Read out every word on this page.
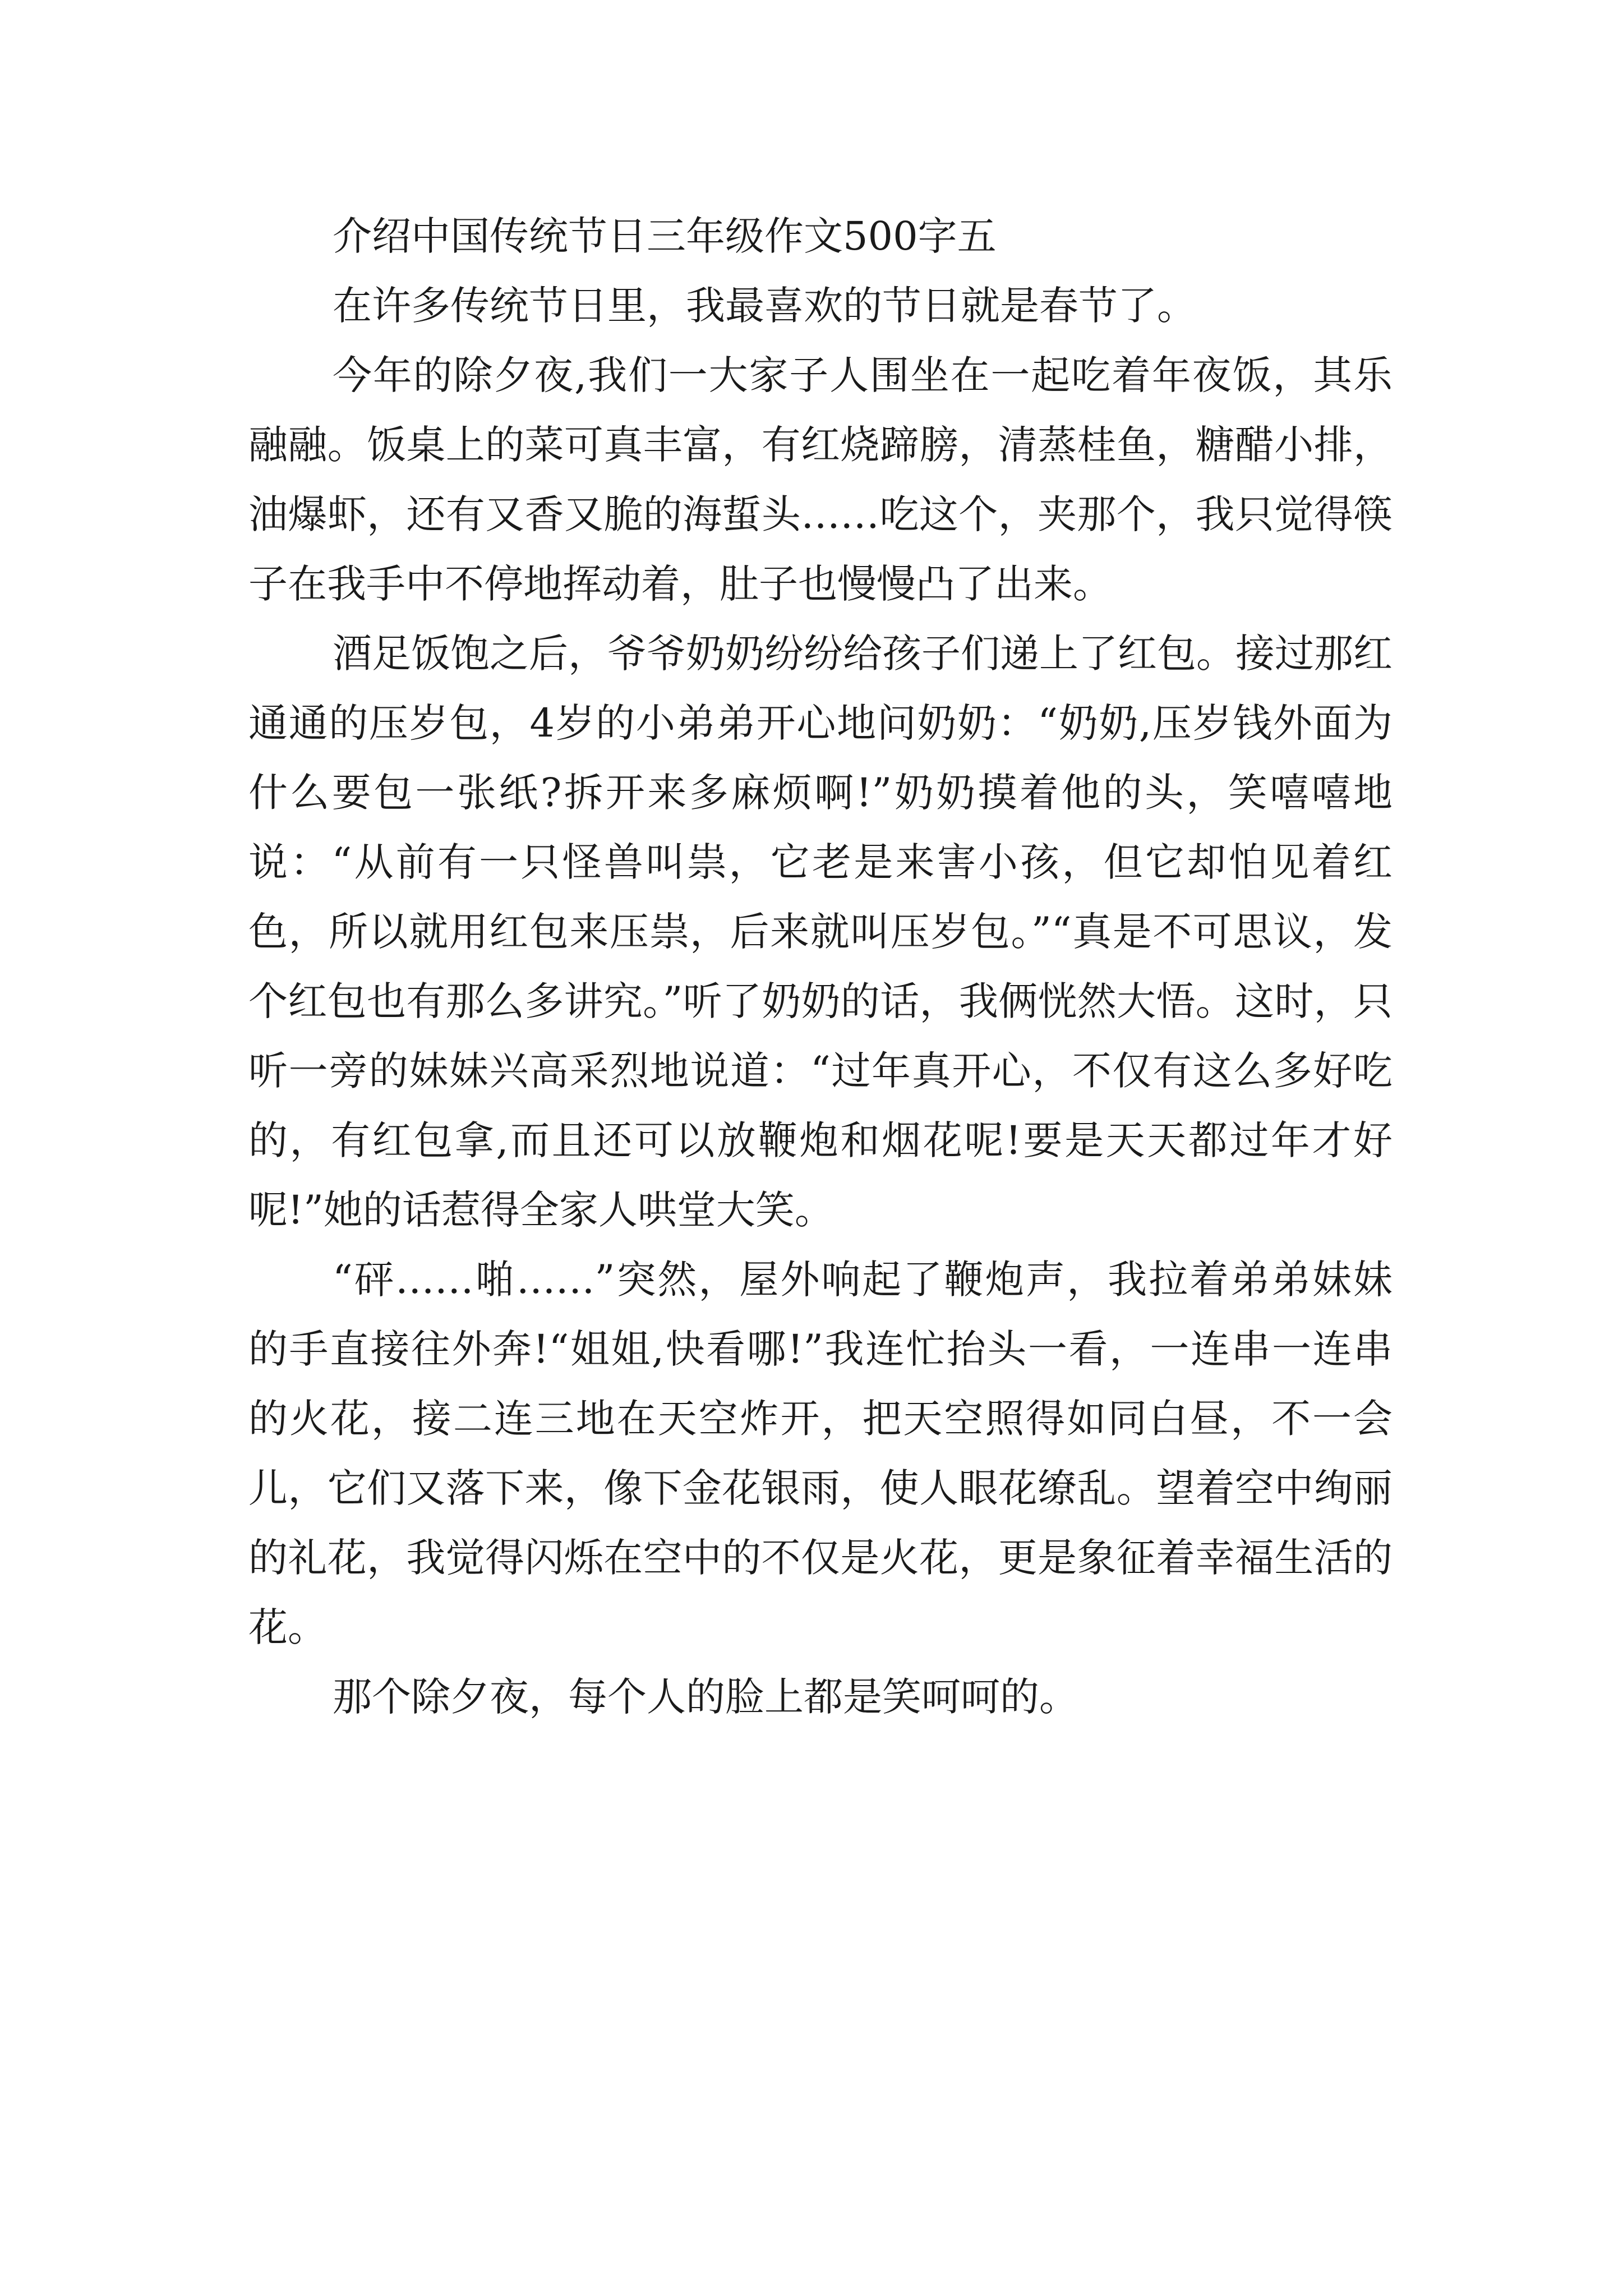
介绍中国传统节日三年级作文500字五

在许多传统节日里，我最喜欢的节日就是春节了。

今年的除夕夜,我们一大家子人围坐在一起吃着年夜饭，其乐融融。饭桌上的菜可真丰富，有红烧蹄膀，清蒸桂鱼，糖醋小排，油爆虾，还有又香又脆的海蜇头……吃这个，夹那个，我只觉得筷子在我手中不停地挥动着，肚子也慢慢凸了出来。

酒足饭饱之后，爷爷奶奶纷纷给孩子们递上了红包。接过那红通通的压岁包，4岁的小弟弟开心地问奶奶：“奶奶,压岁钱外面为什么要包一张纸?拆开来多麻烦啊!”奶奶摸着他的头，笑嘻嘻地说：“从前有一只怪兽叫祟，它老是来害小孩，但它却怕见着红色，所以就用红包来压祟，后来就叫压岁包。”“真是不可思议，发个红包也有那么多讲究。”听了奶奶的话，我俩恍然大悟。这时，只听一旁的妹妹兴高采烈地说道：“过年真开心，不仅有这么多好吃的，有红包拿,而且还可以放鞭炮和烟花呢!要是天天都过年才好呢!”她的话惹得全家人哄堂大笑。

“砰……啪……”突然，屋外响起了鞭炮声，我拉着弟弟妹妹的手直接往外奔!“姐姐,快看哪!”我连忙抬头一看，一连串一连串的火花，接二连三地在天空炸开，把天空照得如同白昼，不一会儿，它们又落下来，像下金花银雨，使人眼花缭乱。望着空中绚丽的礼花，我觉得闪烁在空中的不仅是火花，更是象征着幸福生活的花。

那个除夕夜，每个人的脸上都是笑呵呵的。
